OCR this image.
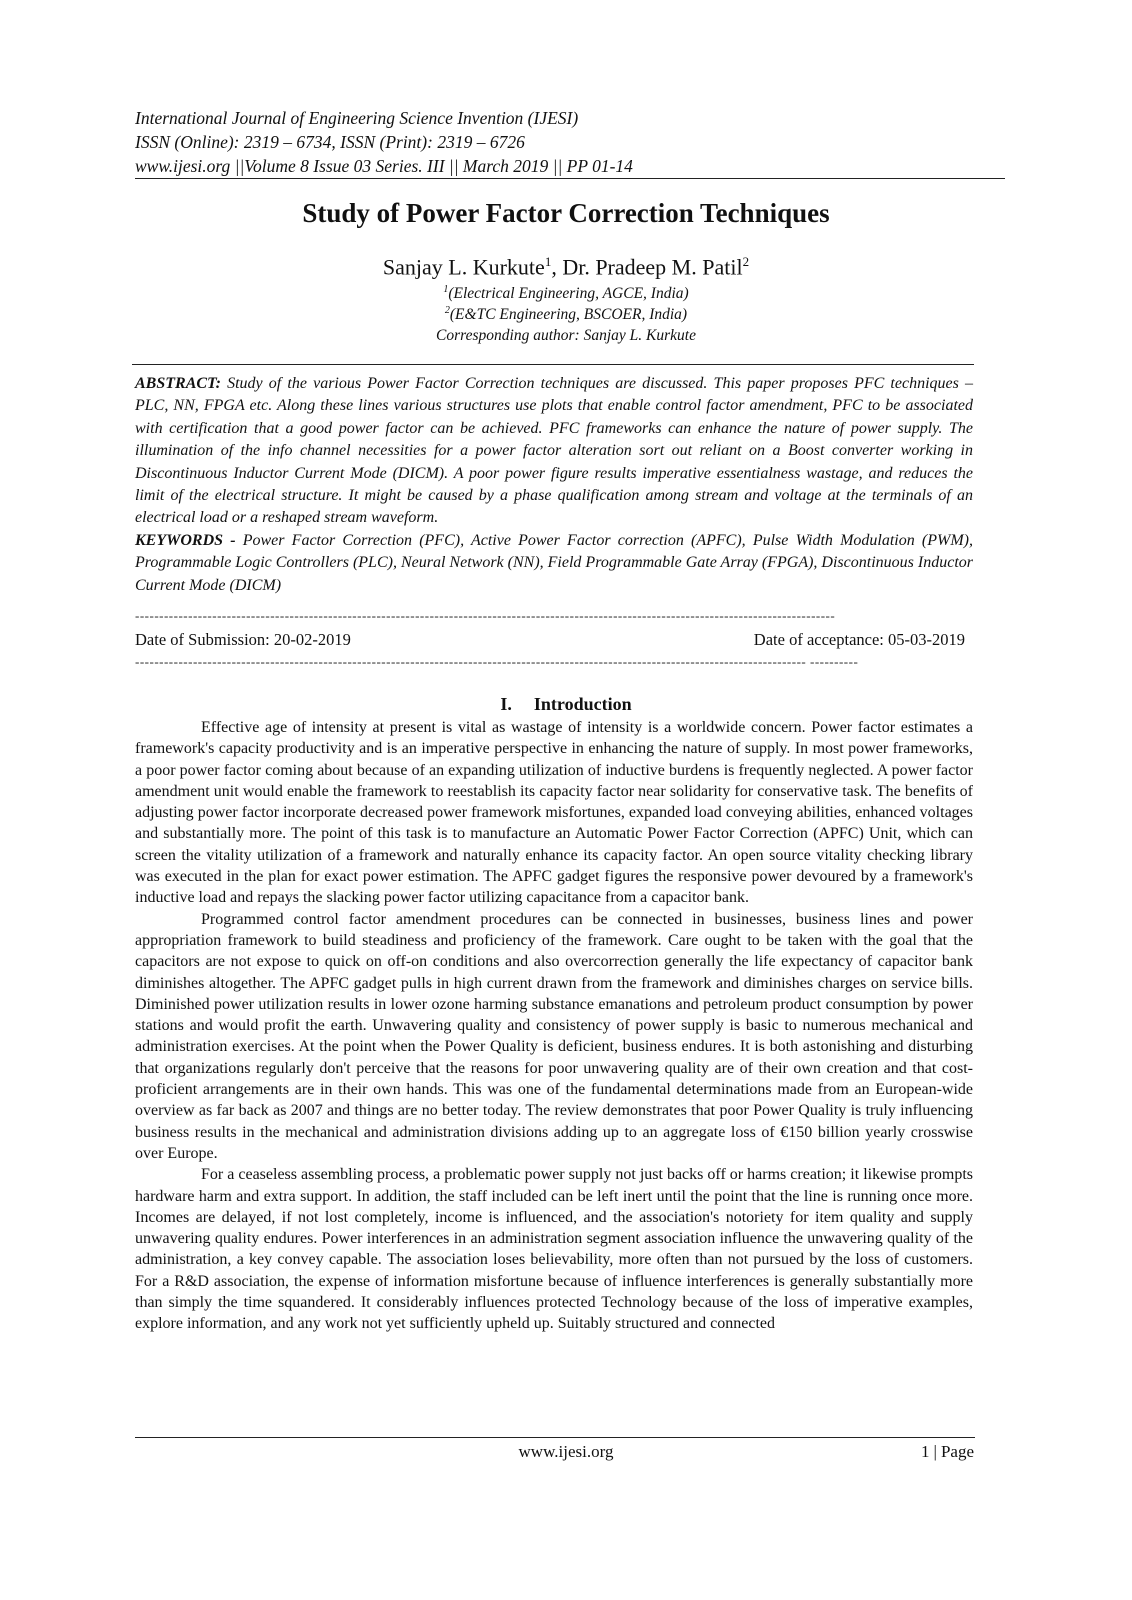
International Journal of Engineering Science Invention (IJESI)
ISSN (Online): 2319 – 6734, ISSN (Print): 2319 – 6726
www.ijesi.org ||Volume 8 Issue 03 Series. III || March 2019 || PP 01-14
Study of Power Factor Correction Techniques
Sanjay L. Kurkute$^1$, Dr. Pradeep M. Patil$^2$
$^1$(Electrical Engineering, AGCE, India)
$^2$(E&TC Engineering, BSCOER, India)
Corresponding author: Sanjay L. Kurkute
ABSTRACT: Study of the various Power Factor Correction techniques are discussed. This paper proposes PFC techniques – PLC, NN, FPGA etc. Along these lines various structures use plots that enable control factor amendment, PFC to be associated with certification that a good power factor can be achieved. PFC frameworks can enhance the nature of power supply. The illumination of the info channel necessities for a power factor alteration sort out reliant on a Boost converter working in Discontinuous Inductor Current Mode (DICM). A poor power figure results imperative essentialness wastage, and reduces the limit of the electrical structure. It might be caused by a phase qualification among stream and voltage at the terminals of an electrical load or a reshaped stream waveform.
KEYWORDS - Power Factor Correction (PFC), Active Power Factor correction (APFC), Pulse Width Modulation (PWM), Programmable Logic Controllers (PLC), Neural Network (NN), Field Programmable Gate Array (FPGA), Discontinuous Inductor Current Mode (DICM)
-------------------------------------------------------------------------------------------------------------------------------------------------
Date of Submission: 20-02-2019	Date of acceptance: 05-03-2019
------------------------------------------------------------------------------------------------------------------------------------------- ----------
I. Introduction

Effective age of intensity at present is vital as wastage of intensity is a worldwide concern. Power factor estimates a framework's capacity productivity and is an imperative perspective in enhancing the nature of supply. In most power frameworks, a poor power factor coming about because of an expanding utilization of inductive burdens is frequently neglected. A power factor amendment unit would enable the framework to reestablish its capacity factor near solidarity for conservative task. The benefits of adjusting power factor incorporate decreased power framework misfortunes, expanded load conveying abilities, enhanced voltages and substantially more. The point of this task is to manufacture an Automatic Power Factor Correction (APFC) Unit, which can screen the vitality utilization of a framework and naturally enhance its capacity factor. An open source vitality checking library was executed in the plan for exact power estimation. The APFC gadget figures the responsive power devoured by a framework's inductive load and repays the slacking power factor utilizing capacitance from a capacitor bank.

Programmed control factor amendment procedures can be connected in businesses, business lines and power appropriation framework to build steadiness and proficiency of the framework. Care ought to be taken with the goal that the capacitors are not expose to quick on off-on conditions and also overcorrection generally the life expectancy of capacitor bank diminishes altogether. The APFC gadget pulls in high current drawn from the framework and diminishes charges on service bills. Diminished power utilization results in lower ozone harming substance emanations and petroleum product consumption by power stations and would profit the earth. Unwavering quality and consistency of power supply is basic to numerous mechanical and administration exercises. At the point when the Power Quality is deficient, business endures. It is both astonishing and disturbing that organizations regularly don't perceive that the reasons for poor unwavering quality are of their own creation and that cost-proficient arrangements are in their own hands. This was one of the fundamental determinations made from an European-wide overview as far back as 2007 and things are no better today. The review demonstrates that poor Power Quality is truly influencing business results in the mechanical and administration divisions adding up to an aggregate loss of €150 billion yearly crosswise over Europe.

For a ceaseless assembling process, a problematic power supply not just backs off or harms creation; it likewise prompts hardware harm and extra support. In addition, the staff included can be left inert until the point that the line is running once more. Incomes are delayed, if not lost completely, income is influenced, and the association's notoriety for item quality and supply unwavering quality endures. Power interferences in an administration segment association influence the unwavering quality of the administration, a key convey capable. The association loses believability, more often than not pursued by the loss of customers. For a R&D association, the expense of information misfortune because of influence interferences is generally substantially more than simply the time squandered. It considerably influences protected Technology because of the loss of imperative examples, explore information, and any work not yet sufficiently upheld up. Suitably structured and connected

www.ijesi.org	1 | Page
